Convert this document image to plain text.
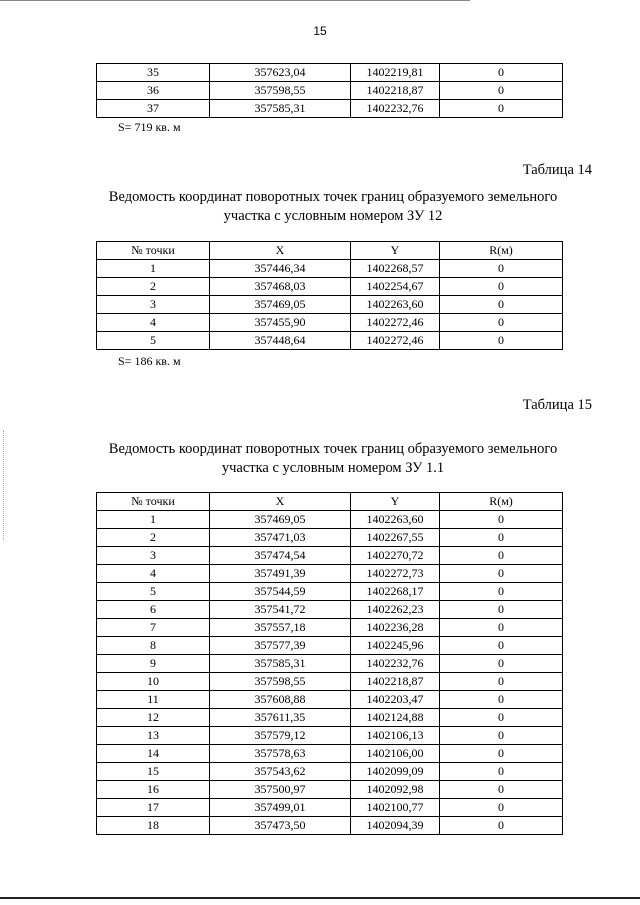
15
35	357623,04	1402219,81	0
36	357598,55	1402218,87	0
37	357585,31	1402232,76	0
S= 719 кв. м
Таблица 14
Ведомость координат поворотных точек границ образуемого земельного
участка с условным номером ЗУ 12
№ точки	X	Y	R(м)
1	357446,34	1402268,57	0
2	357468,03	1402254,67	0
3	357469,05	1402263,60	0
4	357455,90	1402272,46	0
5	357448,64	1402272,46	0
S= 186 кв. м
Таблица 15
Ведомость координат поворотных точек границ образуемого земельного
участка с условным номером ЗУ 1.1
№ точки	X	Y	R(м)
1	357469,05	1402263,60	0
2	357471,03	1402267,55	0
3	357474,54	1402270,72	0
4	357491,39	1402272,73	0
5	357544,59	1402268,17	0
6	357541,72	1402262,23	0
7	357557,18	1402236,28	0
8	357577,39	1402245,96	0
9	357585,31	1402232,76	0
10	357598,55	1402218,87	0
11	357608,88	1402203,47	0
12	357611,35	1402124,88	0
13	357579,12	1402106,13	0
14	357578,63	1402106,00	0
15	357543,62	1402099,09	0
16	357500,97	1402092,98	0
17	357499,01	1402100,77	0
18	357473,50	1402094,39	0
